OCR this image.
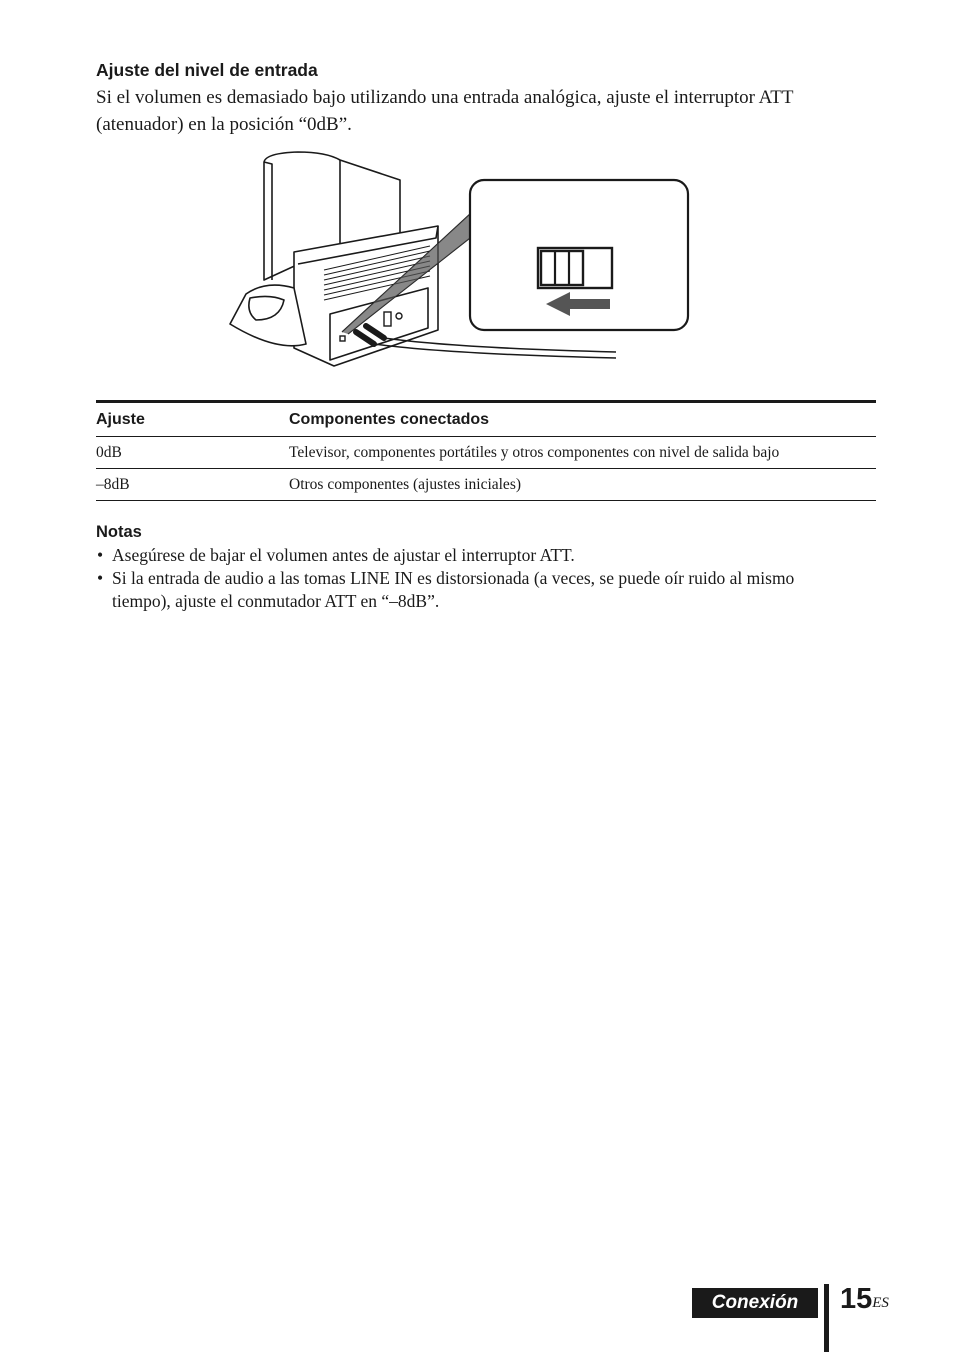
Ajuste del nivel de entrada

Si el volumen es demasiado bajo utilizando una entrada analógica, ajuste el interruptor ATT (atenuador) en la posición “0dB”.

Ajuste	Componentes conectados
0dB	Televisor, componentes portátiles y otros componentes con nivel de salida bajo
–8dB	Otros componentes (ajustes iniciales)
Notas
• Asegúrese de bajar el volumen antes de ajustar el interruptor ATT.
• Si la entrada de audio a las tomas LINE IN es distorsionada (a veces, se puede oír ruido al mismo tiempo), ajuste el conmutador ATT en “–8dB”.
Conexión	$15^{ES}$
